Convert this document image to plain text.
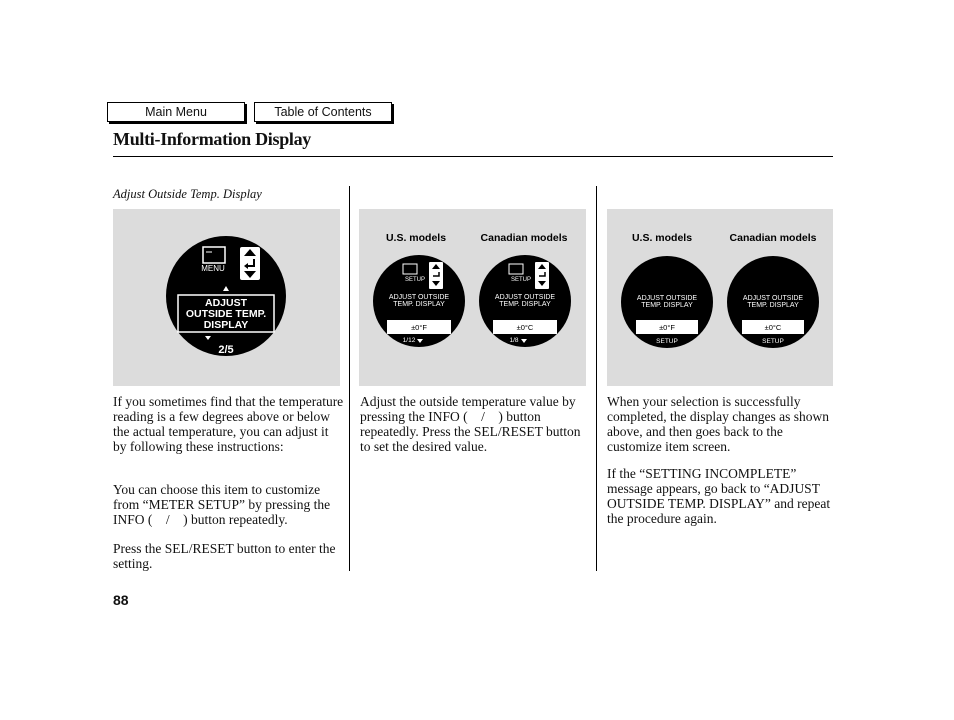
Main Menu	Table of Contents
Multi-Information Display
Adjust Outside Temp. Display
MENU
ADJUST
OUTSIDE TEMP.
DISPLAY
2/5
U.S. models	Canadian models
SETUP
ADJUST OUTSIDE
TEMP. DISPLAY
±0°F
1/12
SETUP
ADJUST OUTSIDE
TEMP. DISPLAY
±0°C
1/8
U.S. models	Canadian models
ADJUST OUTSIDE
TEMP. DISPLAY
±0°F
SETUP
ADJUST OUTSIDE
TEMP. DISPLAY
±0°C
SETUP
If you sometimes find that the temperature reading is a few degrees above or below the actual temperature, you can adjust it by following these instructions:
You can choose this item to customize from “METER SETUP” by pressing the INFO ( / ) button repeatedly.
Press the SEL/RESET button to enter the setting.
Adjust the outside temperature value by pressing the INFO ( / ) button repeatedly. Press the SEL/RESET button to set the desired value.
When your selection is successfully completed, the display changes as shown above, and then goes back to the customize item screen.
If the “SETTING INCOMPLETE” message appears, go back to “ADJUST OUTSIDE TEMP. DISPLAY” and repeat the procedure again.
88
